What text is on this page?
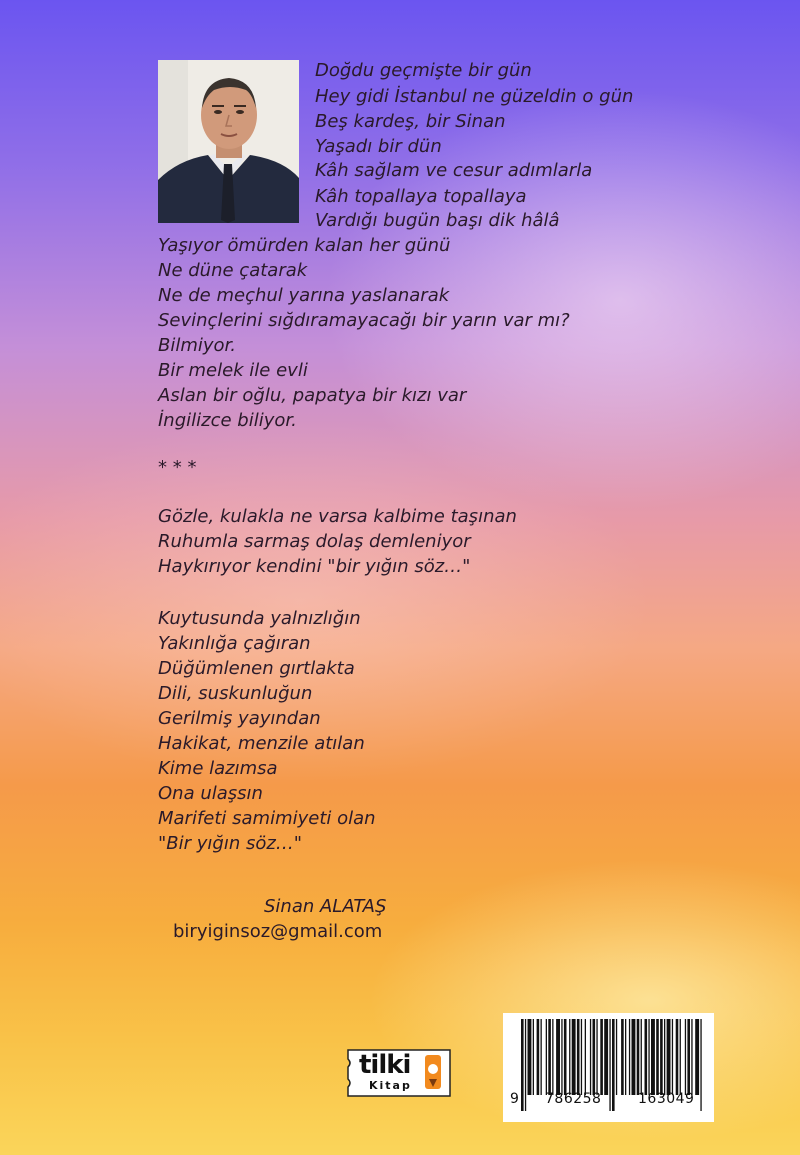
Doğdu geçmişte bir gün
Hey gidi İstanbul ne güzeldin o gün
Beş kardeş, bir Sinan
Yaşadı bir dün
Kâh sağlam ve cesur adımlarla
Kâh topallaya topallaya
Vardığı bugün başı dik hâlâ
Yaşıyor ömürden kalan her günü
Ne düne çatarak
Ne de meçhul yarına yaslanarak
Sevinçlerini sığdıramayacağı bir yarın var mı?
Bilmiyor.
Bir melek ile evli
Aslan bir oğlu, papatya bir kızı var
İngilizce biliyor.
* * *
Gözle, kulakla ne varsa kalbime taşınan
Ruhumla sarmaş dolaş demleniyor
Haykırıyor kendini "bir yığın söz…"
Kuytusunda yalnızlığın
Yakınlığa çağıran
Düğümlenen gırtlakta
Dili, suskunluğun
Gerilmiş yayından
Hakikat, menzile atılan
Kime lazımsa
Ona ulaşsın
Marifeti samimiyeti olan
"Bir yığın söz…"
Sinan ALATAŞ
biryiginsoz@gmail.com
tilki
Kitap
9 786258	163049
